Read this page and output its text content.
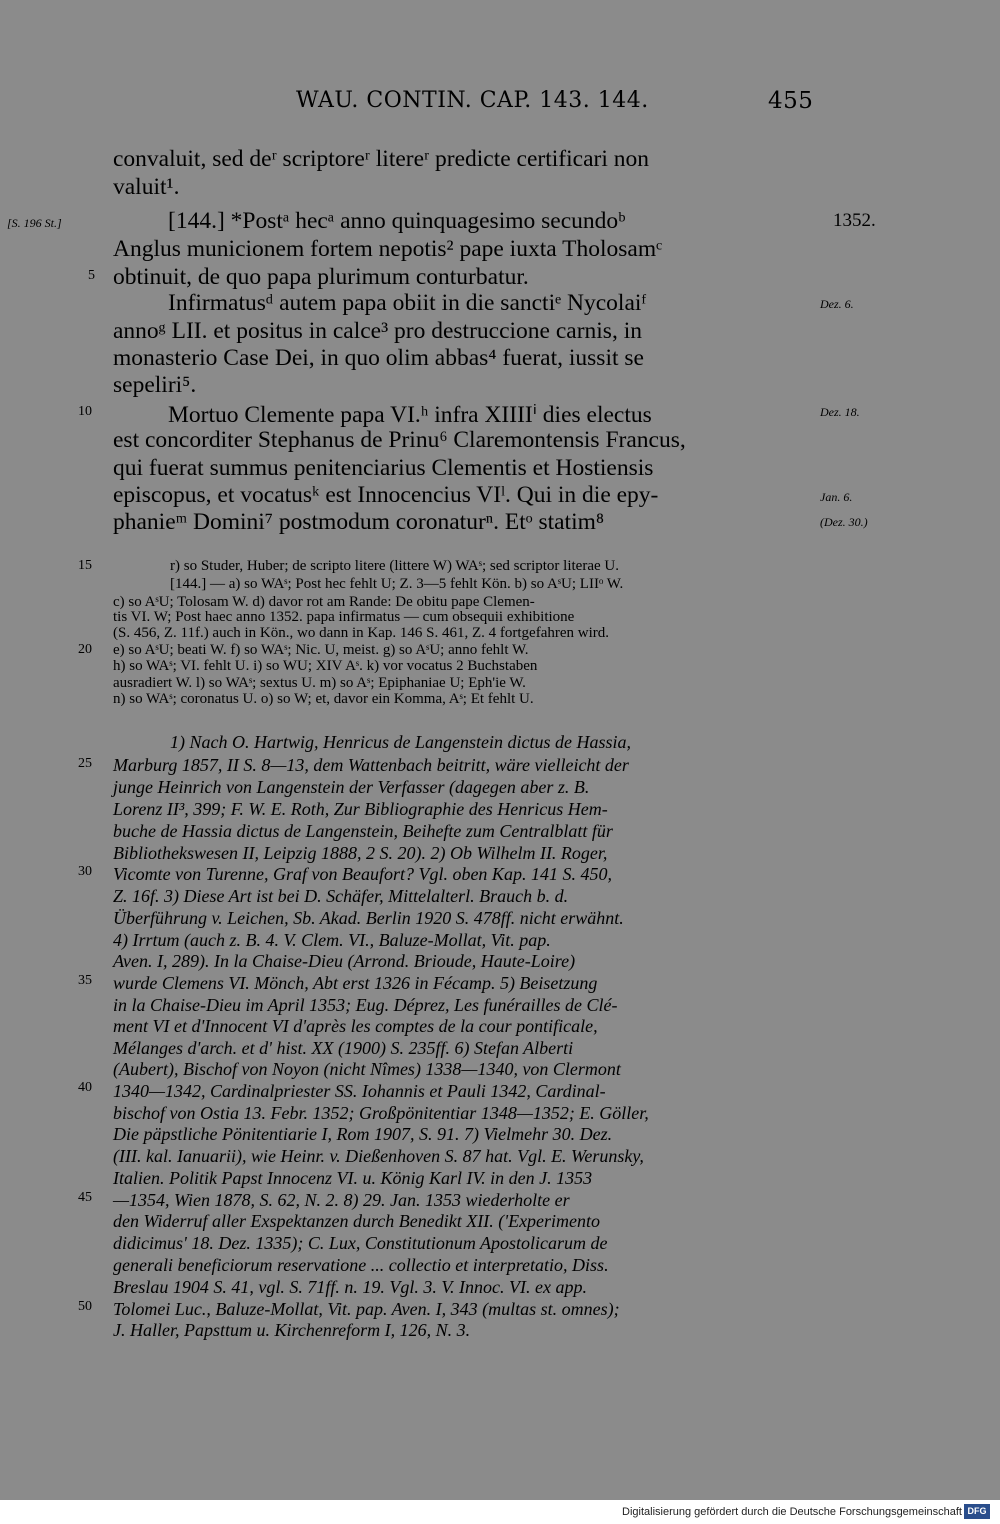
WAU. CONTIN. CAP. 143. 144.	455
[S. 196 St.]
convaluit, sed deʳ scriptoreʳ litereʳ predicte certificari non
valuit¹.
[144.] *Postᵃ hecᵃ anno quinquagesimo secundoᵇ
Anglus municionem fortem nepotis² pape iuxta Tholosamᶜ
obtinuit, de quo papa plurimum conturbatur.
Infirmatusᵈ autem papa obiit in die sanctiᵉ Nycolaiᶠ
annoᵍ LII. et positus in calce³ pro destruccione carnis, in
monasterio Case Dei, in quo olim abbas⁴ fuerat, iussit se
sepeliri⁵.
Mortuo Clemente papa VI.ʰ infra XIIIIⁱ dies electus
est concorditer Stephanus de Prinu⁶ Claremontensis Francus,
qui fuerat summus penitenciarius Clementis et Hostiensis
episcopus, et vocatusᵏ est Innocencius VIˡ. Qui in die epy-
phanieᵐ Domini⁷ postmodum coronaturⁿ. Etᵒ statim⁸
1352.
Dez. 6.
Dez. 18.
Jan. 6.
(Dez. 30.)
5
10
15
20
25
30
35
40
45
50
r) so Studer, Huber; de scripto litere (littere W) WAˢ; sed scriptor literae U.
[144.] — a) so WAˢ; Post hec fehlt U; Z. 3—5 fehlt Kön. b) so AˢU; LIIᵒ W.
c) so AˢU; Tolosam W. d) davor rot am Rande: De obitu pape Clemen-
tis VI. W; Post haec anno 1352. papa infirmatus — cum obsequii exhibitione
(S. 456, Z. 11f.) auch in Kön., wo dann in Kap. 146 S. 461, Z. 4 fortgefahren wird.
e) so AˢU; beati W. f) so WAˢ; Nic. U, meist. g) so AˢU; anno fehlt W.
h) so WAˢ; VI. fehlt U. i) so WU; XIV Aˢ. k) vor vocatus 2 Buchstaben
ausradiert W. l) so WAˢ; sextus U. m) so Aˢ; Epiphaniae U; Eph'ie W.
n) so WAˢ; coronatus U. o) so W; et, davor ein Komma, Aˢ; Et fehlt U.
1) Nach O. Hartwig, Henricus de Langenstein dictus de Hassia,
Marburg 1857, II S. 8—13, dem Wattenbach beitritt, wäre vielleicht der
junge Heinrich von Langenstein der Verfasser (dagegen aber z. B.
Lorenz II³, 399; F. W. E. Roth, Zur Bibliographie des Henricus Hem-
buche de Hassia dictus de Langenstein, Beihefte zum Centralblatt für
Bibliothekswesen II, Leipzig 1888, 2 S. 20). 2) Ob Wilhelm II. Roger,
Vicomte von Turenne, Graf von Beaufort? Vgl. oben Kap. 141 S. 450,
Z. 16f. 3) Diese Art ist bei D. Schäfer, Mittelalterl. Brauch b. d.
Überführung v. Leichen, Sb. Akad. Berlin 1920 S. 478ff. nicht erwähnt.
4) Irrtum (auch z. B. 4. V. Clem. VI., Baluze-Mollat, Vit. pap.
Aven. I, 289). In la Chaise-Dieu (Arrond. Brioude, Haute-Loire)
wurde Clemens VI. Mönch, Abt erst 1326 in Fécamp. 5) Beisetzung
in la Chaise-Dieu im April 1353; Eug. Déprez, Les funérailles de Clé-
ment VI et d'Innocent VI d'après les comptes de la cour pontificale,
Mélanges d'arch. et d' hist. XX (1900) S. 235ff. 6) Stefan Alberti
(Aubert), Bischof von Noyon (nicht Nîmes) 1338—1340, von Clermont
1340—1342, Cardinalpriester SS. Iohannis et Pauli 1342, Cardinal-
bischof von Ostia 13. Febr. 1352; Großpönitentiar 1348—1352; E. Göller,
Die päpstliche Pönitentiarie I, Rom 1907, S. 91. 7) Vielmehr 30. Dez.
(III. kal. Ianuarii), wie Heinr. v. Dießenhoven S. 87 hat. Vgl. E. Werunsky,
Italien. Politik Papst Innocenz VI. u. König Karl IV. in den J. 1353
—1354, Wien 1878, S. 62, N. 2. 8) 29. Jan. 1353 wiederholte er
den Widerruf aller Exspektanzen durch Benedikt XII. ('Experimento
didicimus' 18. Dez. 1335); C. Lux, Constitutionum Apostolicarum de
generali beneficiorum reservatione ... collectio et interpretatio, Diss.
Breslau 1904 S. 41, vgl. S. 71ff. n. 19. Vgl. 3. V. Innoc. VI. ex app.
Tolomei Luc., Baluze-Mollat, Vit. pap. Aven. I, 343 (multas st. omnes);
J. Haller, Papsttum u. Kirchenreform I, 126, N. 3.
Digitalisierung gefördert durch die Deutsche Forschungsgemeinschaft DFG
